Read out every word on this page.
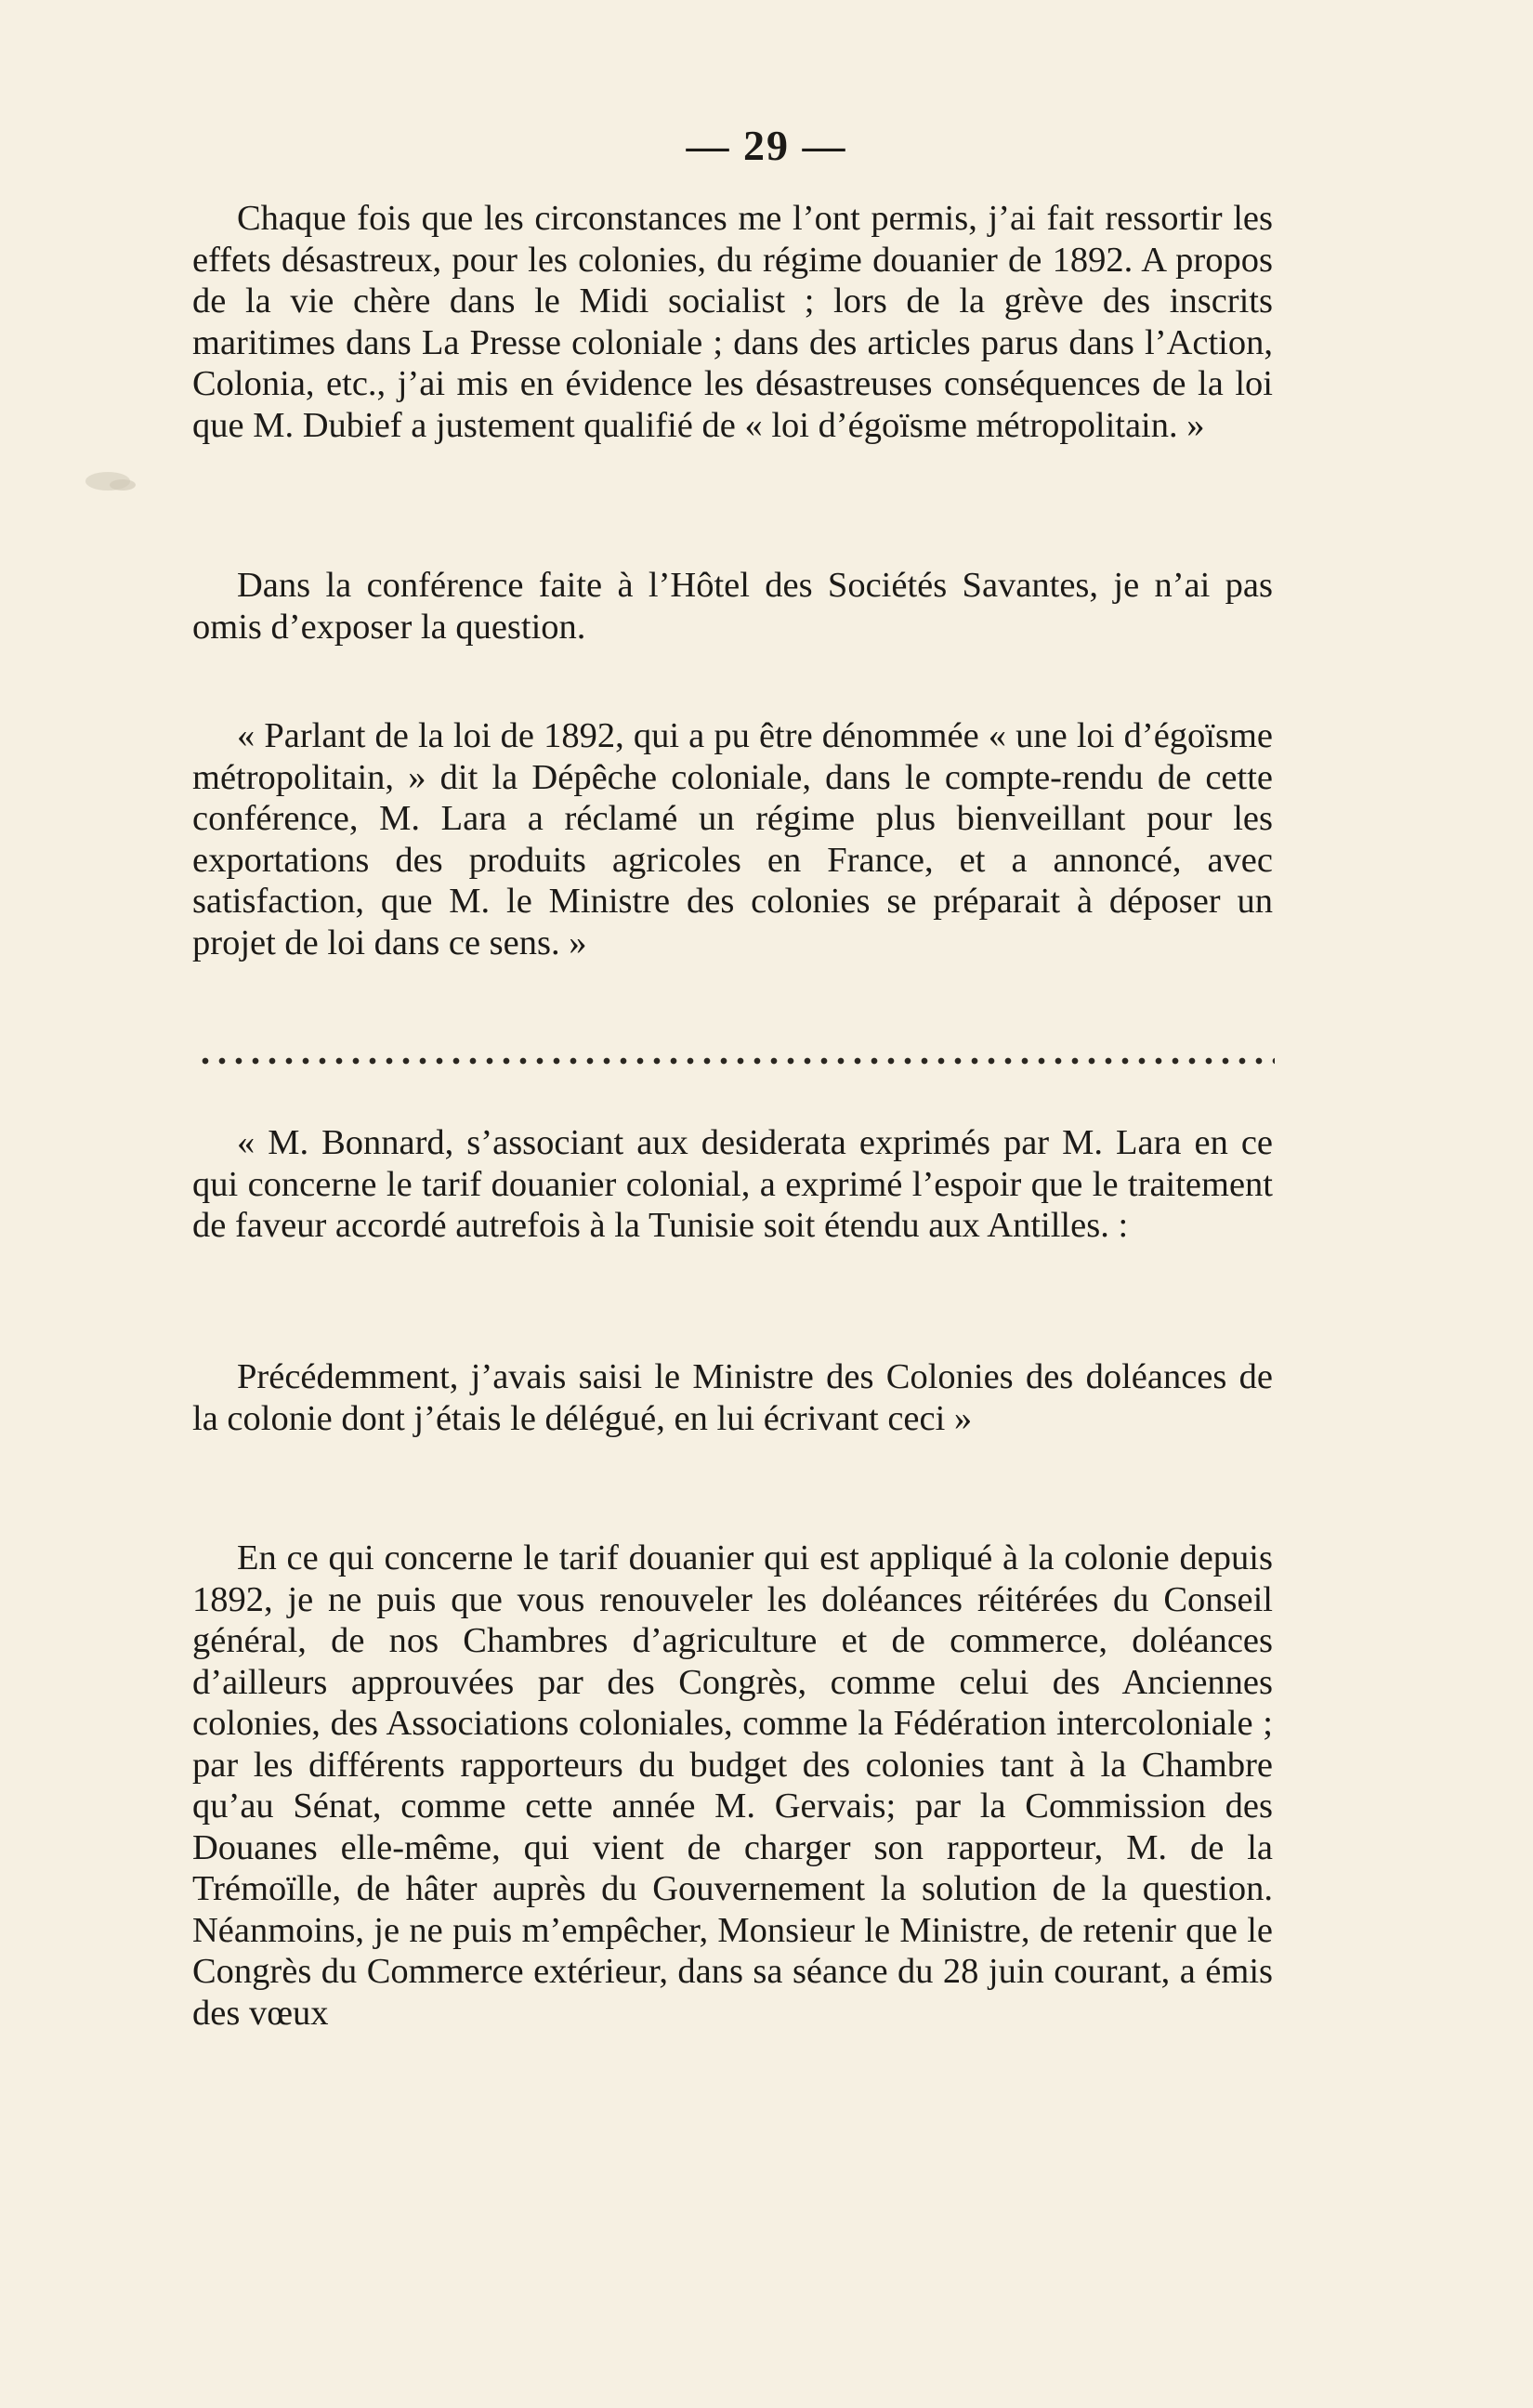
— 29 —

Chaque fois que les circonstances me l’ont permis, j’ai fait ressortir les effets désastreux, pour les colonies, du régime douanier de 1892. A propos de la vie chère dans le Midi socialist ; lors de la grève des inscrits maritimes dans La Presse coloniale ; dans des articles parus dans l’Action, Colonia, etc., j’ai mis en évidence les désastreuses conséquences de la loi que M. Dubief a justement qualifié de « loi d’égoïsme métropolitain. »

Dans la conférence faite à l’Hôtel des Sociétés Savantes, je n’ai pas omis d’exposer la question.

« Parlant de la loi de 1892, qui a pu être dénommée « une loi d’égoïsme métropolitain, » dit la Dépêche coloniale, dans le compte-rendu de cette conférence, M. Lara a réclamé un régime plus bienveillant pour les exportations des produits agricoles en France, et a annoncé, avec satisfaction, que M. le Ministre des colonies se préparait à déposer un projet de loi dans ce sens. »

« M. Bonnard, s’associant aux desiderata exprimés par M. Lara en ce qui concerne le tarif douanier colonial, a exprimé l’espoir que le traitement de faveur accordé autrefois à la Tunisie soit étendu aux Antilles. :

Précédemment, j’avais saisi le Ministre des Colonies des doléances de la colonie dont j’étais le délégué, en lui écrivant ceci »

En ce qui concerne le tarif douanier qui est appliqué à la colonie depuis 1892, je ne puis que vous renouveler les doléances réitérées du Conseil général, de nos Chambres d’agriculture et de commerce, doléances d’ailleurs approuvées par des Congrès, comme celui des Anciennes colonies, des Associations coloniales, comme la Fédération intercoloniale ; par les différents rapporteurs du budget des colonies tant à la Chambre qu’au Sénat, comme cette année M. Gervais; par la Commission des Douanes elle-même, qui vient de charger son rapporteur, M. de la Trémoïlle, de hâter auprès du Gouvernement la solution de la question. Néanmoins, je ne puis m’empêcher, Monsieur le Ministre, de retenir que le Congrès du Commerce extérieur, dans sa séance du 28 juin courant, a émis des vœux
